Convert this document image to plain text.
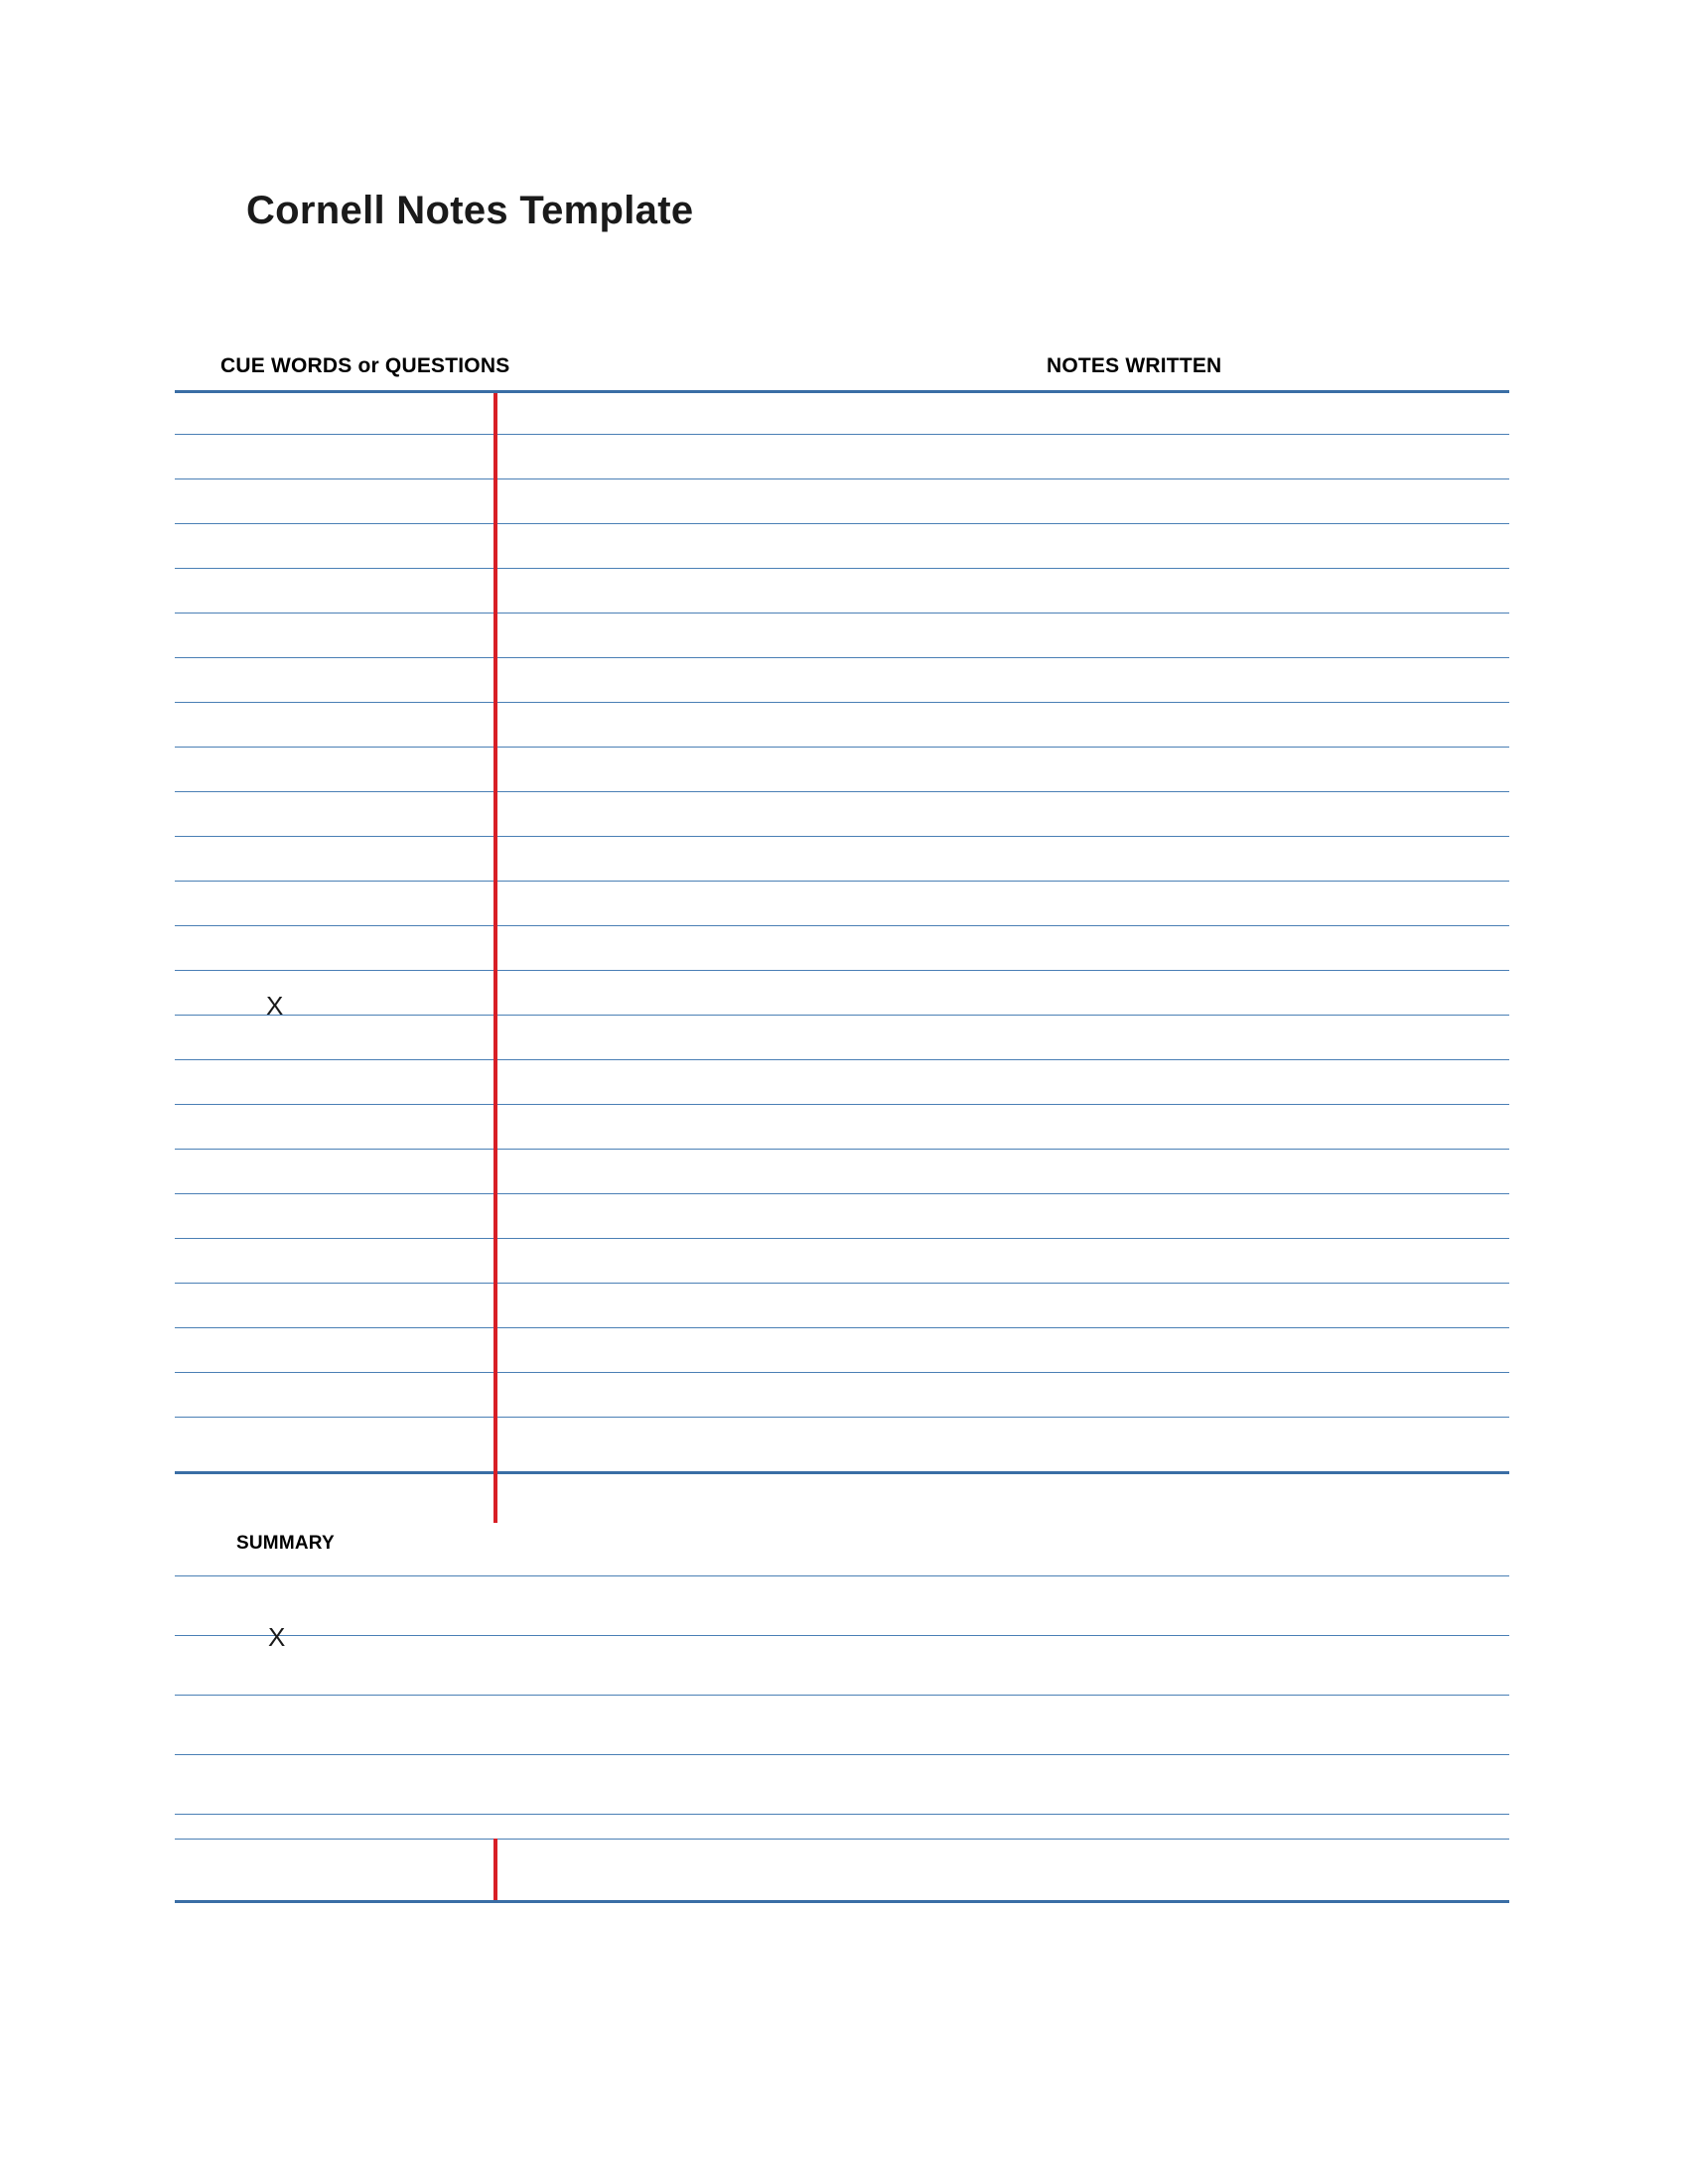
Cornell Notes Template
CUE WORDS or QUESTIONS	NOTES WRITTEN
SUMMARY
X
X
